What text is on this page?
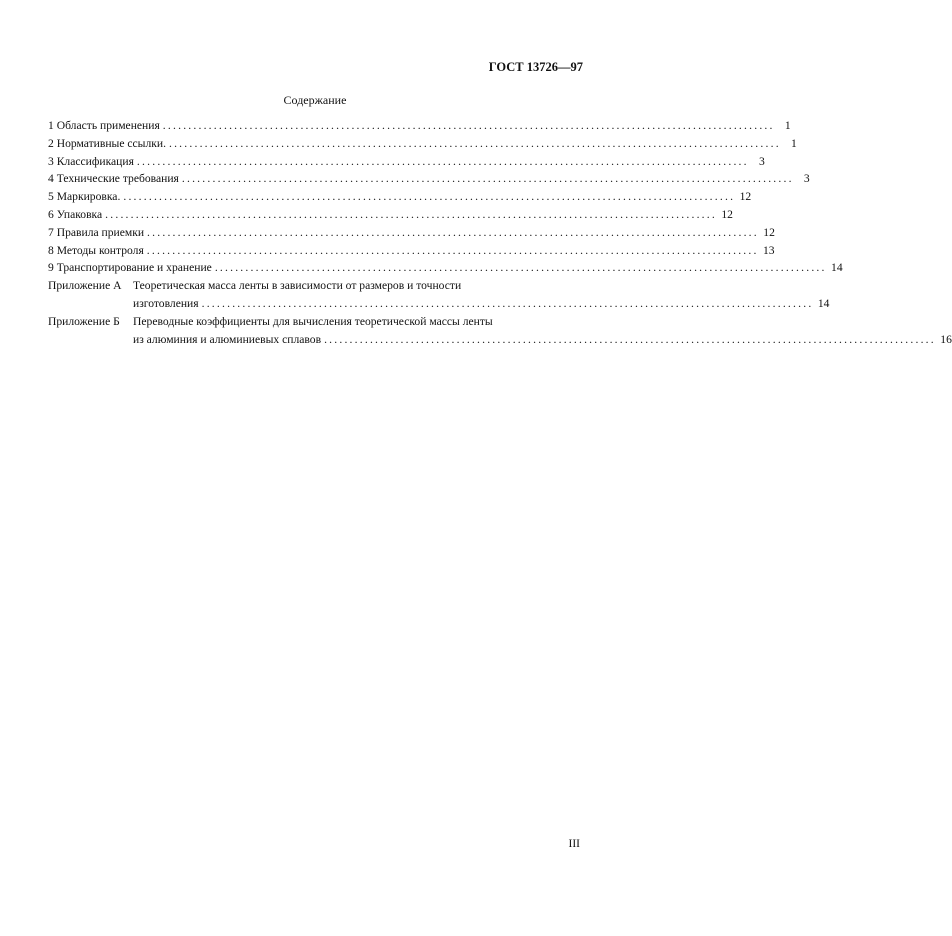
ГОСТ 13726—97
Содержание
1 Область применения ........................................................................................................................ 1
2 Нормативные ссылки. ........................................................................................................................ 1
3 Классификация ........................................................................................................................ 3
4 Технические требования ........................................................................................................................ 3
5 Маркировка. ........................................................................................................................ 12
6 Упаковка ........................................................................................................................ 12
7 Правила приемки ........................................................................................................................ 12
8 Методы контроля ........................................................................................................................ 13
9 Транспортирование и хранение ........................................................................................................................ 14
Приложение А Теоретическая масса ленты в зависимости от размеров и точности
изготовления ........................................................................................................................ 14
Приложение Б	Переводные коэффициенты для вычисления теоретической массы ленты
из алюминия и алюминиевых сплавов ........................................................................................................................ 16
III
